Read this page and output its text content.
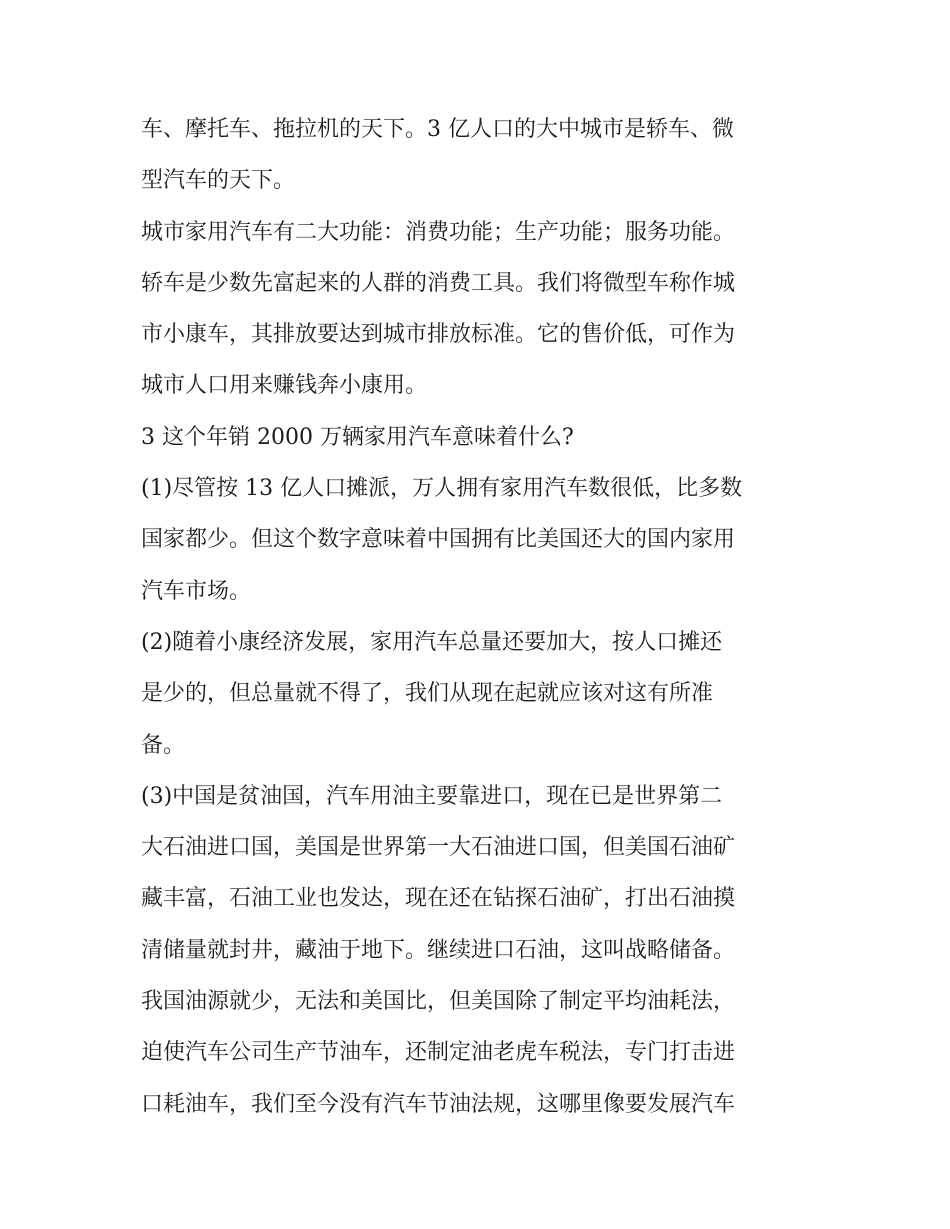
车、摩托车、拖拉机的天下。3 亿人口的大中城市是轿车、微
型汽车的天下。
城市家用汽车有二大功能：消费功能；生产功能；服务功能。
轿车是少数先富起来的人群的消费工具。我们将微型车称作城
市小康车，其排放要达到城市排放标准。它的售价低，可作为
城市人口用来赚钱奔小康用。
3 这个年销 2000 万辆家用汽车意味着什么?
(1)尽管按 13 亿人口摊派，万人拥有家用汽车数很低，比多数
国家都少。但这个数字意味着中国拥有比美国还大的国内家用
汽车市场。
(2)随着小康经济发展，家用汽车总量还要加大，按人口摊还
是少的，但总量就不得了，我们从现在起就应该对这有所准
备。
(3)中国是贫油国，汽车用油主要靠进口，现在已是世界第二
大石油进口国，美国是世界第一大石油进口国，但美国石油矿
藏丰富，石油工业也发达，现在还在钻探石油矿，打出石油摸
清储量就封井，藏油于地下。继续进口石油，这叫战略储备。
我国油源就少，无法和美国比，但美国除了制定平均油耗法，
迫使汽车公司生产节油车，还制定油老虎车税法，专门打击进
口耗油车，我们至今没有汽车节油法规，这哪里像要发展汽车
